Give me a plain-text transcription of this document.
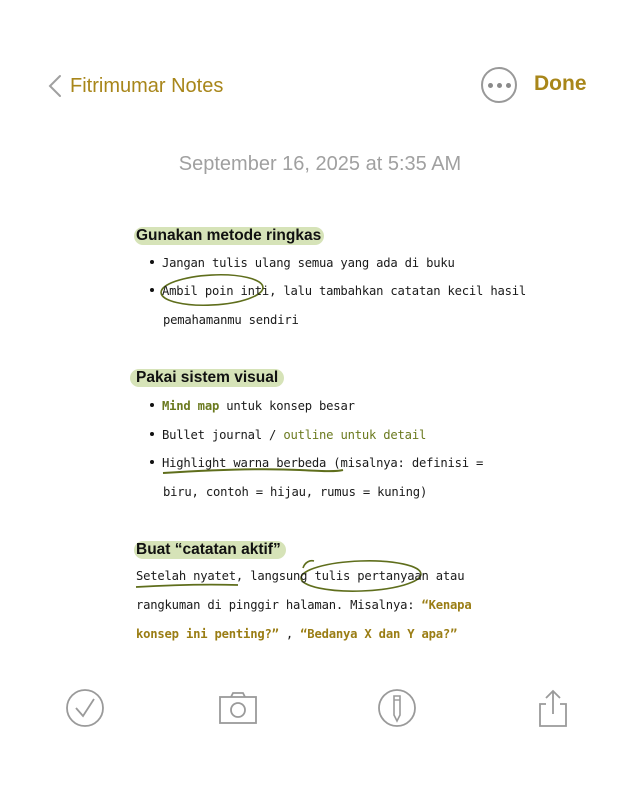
Fitrimumar Notes	Done
September 16, 2025 at 5:35 AM
Gunakan metode ringkas
Jangan tulis ulang semua yang ada di buku
Ambil poin inti, lalu tambahkan catatan kecil hasil
pemahamanmu sendiri
Pakai sistem visual
Mind map untuk konsep besar
Bullet journal / outline untuk detail
Highlight warna berbeda (misalnya: definisi =
biru, contoh = hijau, rumus = kuning)
Buat “catatan aktif”
Setelah nyatet, langsung tulis pertanyaan atau
rangkuman di pinggir halaman. Misalnya: “Kenapa
konsep ini penting?” , “Bedanya X dan Y apa?”
